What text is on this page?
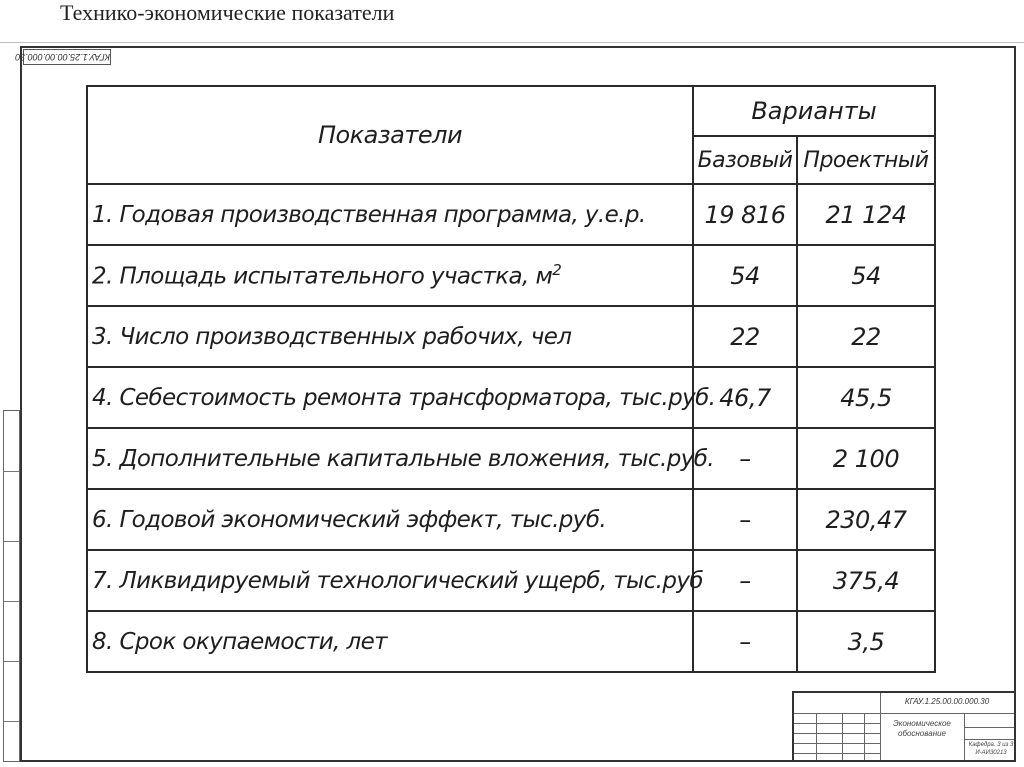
Технико-экономические показатели
КГАУ.1.25.00.00.000.30
Показатели	Варианты	
	Базовый	Проектный
1. Годовая производственная программа, у.е.р.	19 816	21 124
2. Площадь испытательного участка, $м^2$	54	54
3. Число производственных рабочих, чел	22	22
4. Себестоимость ремонта трансформатора, тыс.руб.	46,7	45,5
5. Дополнительные капитальные вложения, тыс.руб.	–	2 100
6. Годовой экономический эффект, тыс.руб.	–	230,47
7. Ликвидируемый технологический ущерб, тыс.руб	–	375,4
8. Срок окупаемости, лет	–	3,5
КГАУ.1.25.00.00.000.30
Экономическое
обоснование
Кафедра. 3 из 3
И-АИ30213
